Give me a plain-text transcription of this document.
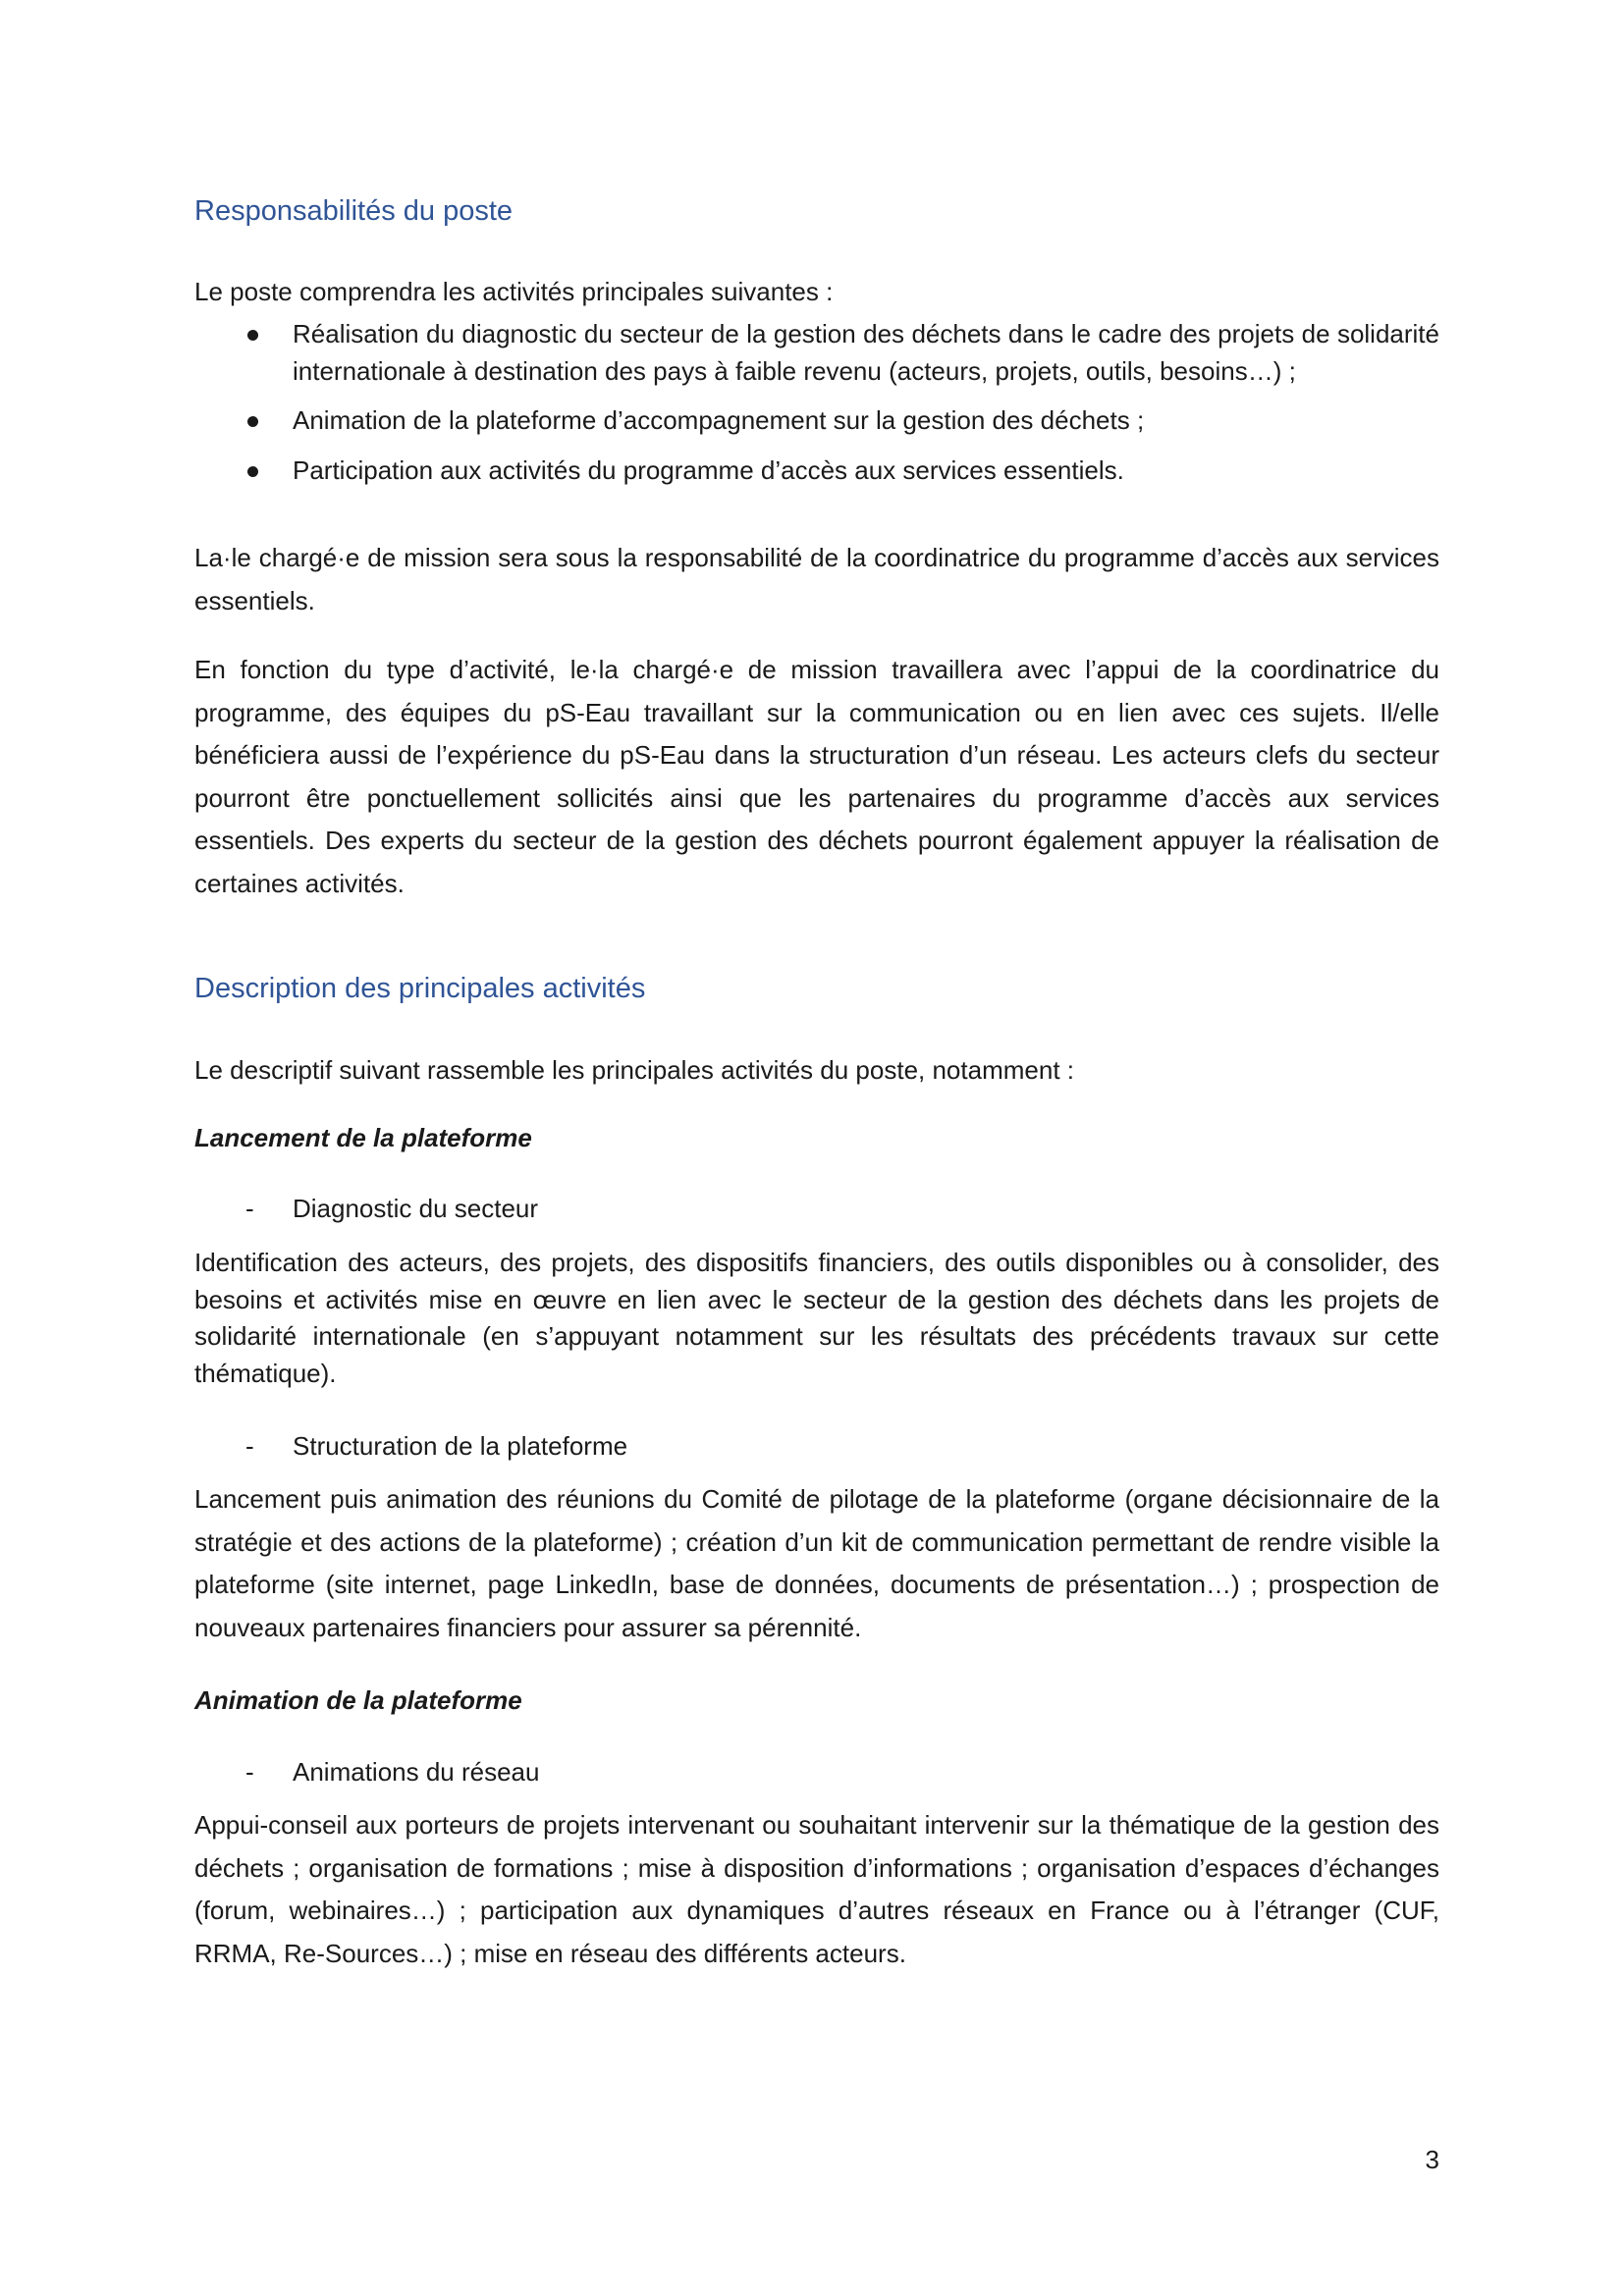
Responsabilités du poste

Le poste comprendra les activités principales suivantes :

Réalisation du diagnostic du secteur de la gestion des déchets dans le cadre des projets de solidarité internationale à destination des pays à faible revenu (acteurs, projets, outils, besoins…) ;
Animation de la plateforme d’accompagnement sur la gestion des déchets ;
Participation aux activités du programme d’accès aux services essentiels.

La·le chargé·e de mission sera sous la responsabilité de la coordinatrice du programme d’accès aux services essentiels.

En fonction du type d’activité, le·la chargé·e de mission travaillera avec l’appui de la coordinatrice du programme, des équipes du pS-Eau travaillant sur la communication ou en lien avec ces sujets. Il/elle bénéficiera aussi de l’expérience du pS-Eau dans la structuration d’un réseau. Les acteurs clefs du secteur pourront être ponctuellement sollicités ainsi que les partenaires du programme d’accès aux services essentiels. Des experts du secteur de la gestion des déchets pourront également appuyer la réalisation de certaines activités.

Description des principales activités

Le descriptif suivant rassemble les principales activités du poste, notamment :

Lancement de la plateforme

- Diagnostic du secteur

Identification des acteurs, des projets, des dispositifs financiers, des outils disponibles ou à consolider, des besoins et activités mise en œuvre en lien avec le secteur de la gestion des déchets dans les projets de solidarité internationale (en s’appuyant notamment sur les résultats des précédents travaux sur cette thématique).

- Structuration de la plateforme

Lancement puis animation des réunions du Comité de pilotage de la plateforme (organe décisionnaire de la stratégie et des actions de la plateforme) ; création d’un kit de communication permettant de rendre visible la plateforme (site internet, page LinkedIn, base de données, documents de présentation…) ; prospection de nouveaux partenaires financiers pour assurer sa pérennité.

Animation de la plateforme

- Animations du réseau

Appui-conseil aux porteurs de projets intervenant ou souhaitant intervenir sur la thématique de la gestion des déchets ; organisation de formations ; mise à disposition d’informations ; organisation d’espaces d’échanges (forum, webinaires…) ; participation aux dynamiques d’autres réseaux en France ou à l’étranger (CUF, RRMA, Re-Sources…) ; mise en réseau des différents acteurs.

3
